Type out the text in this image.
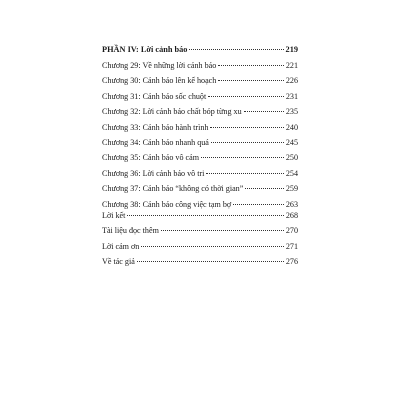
PHẦN IV: Lời cảnh báo	219
Chương 29: Về những lời cảnh báo	221
Chương 30: Cảnh báo lên kế hoạch	226
Chương 31: Cảnh báo sốc chuột	231
Chương 32: Lời cảnh báo chất bóp từng xu	235
Chương 33: Cảnh báo hành trình	240
Chương 34: Cảnh báo nhanh quá	245
Chương 35: Cảnh báo vô cảm	250
Chương 36: Lời cảnh báo vô tri	254
Chương 37: Cảnh báo “không có thời gian”	259
Chương 38: Cảnh báo công việc tạm bợ	263
Lời kết	268
Tài liệu đọc thêm	270
Lời cảm ơn	271
Về tác giả	276
